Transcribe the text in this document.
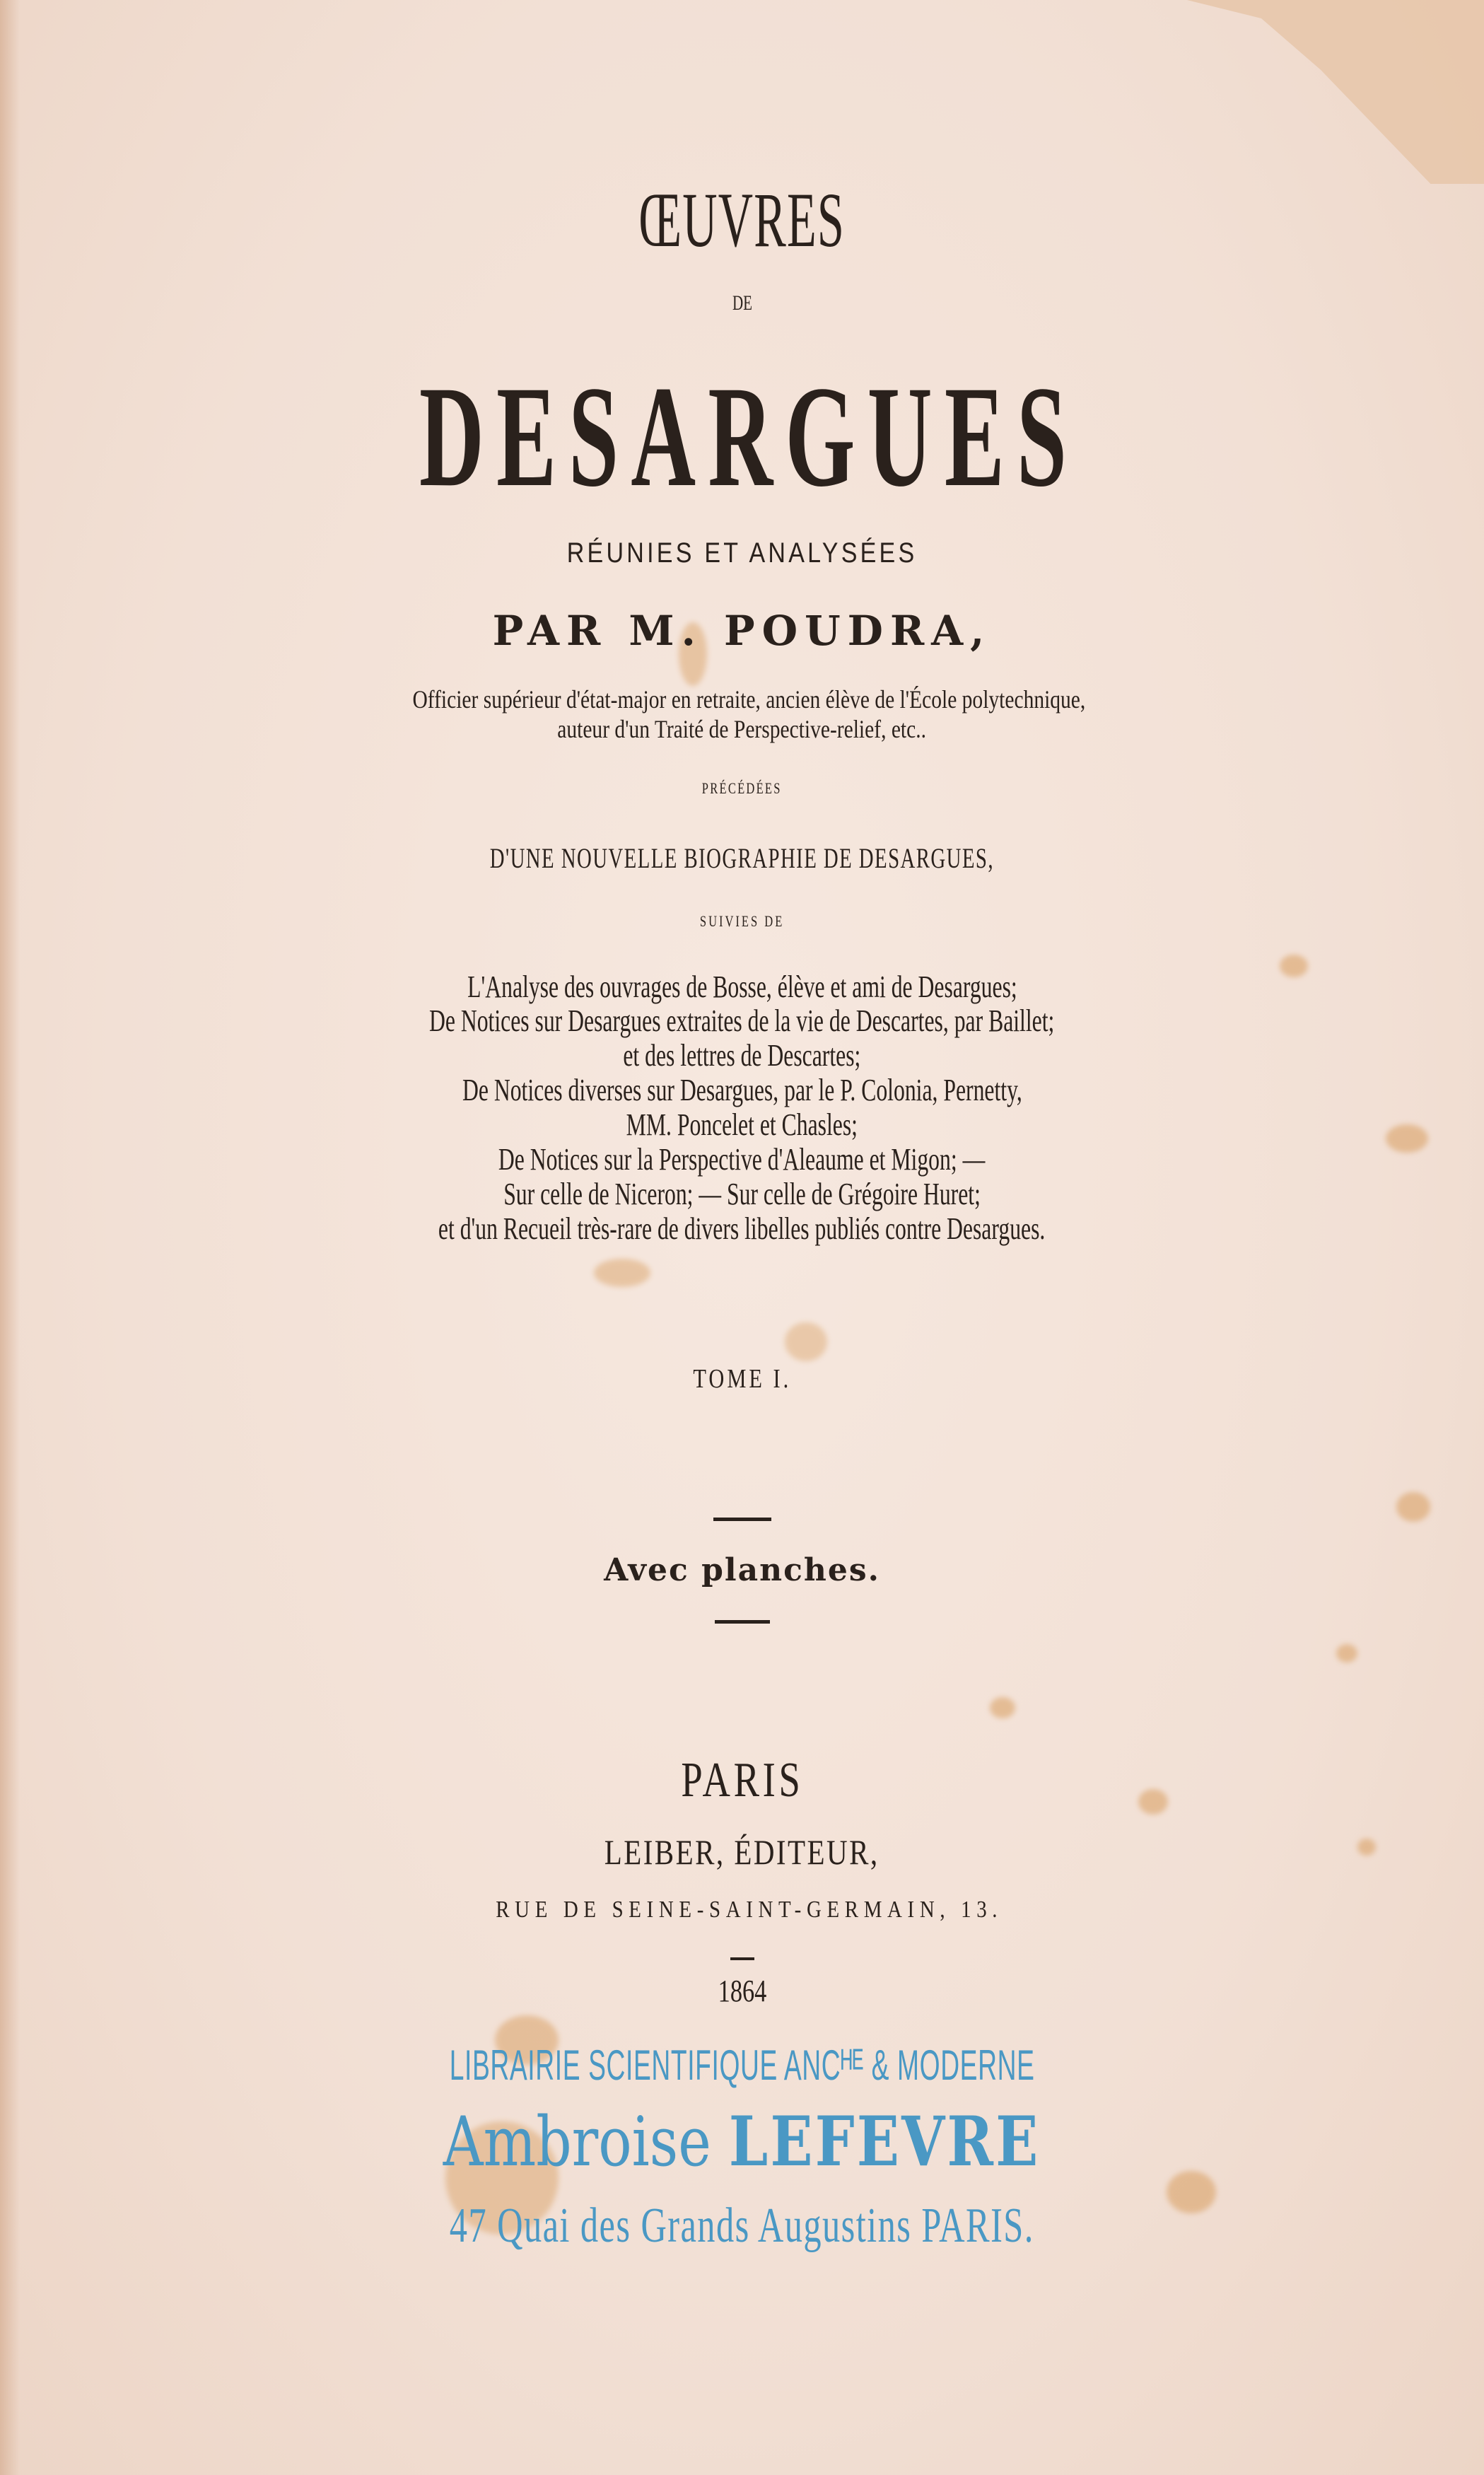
ŒUVRES
DE
DESARGUES
RÉUNIES ET ANALYSÉES
PAR M. POUDRA,
Officier supérieur d'état-major en retraite, ancien élève de l'École polytechnique,
auteur d'un Traité de Perspective-relief, etc..
PRÉCÉDÉES
D'UNE NOUVELLE BIOGRAPHIE DE DESARGUES,
SUIVIES DE
L'Analyse des ouvrages de Bosse, élève et ami de Desargues;
De Notices sur Desargues extraites de la vie de Descartes, par Baillet;
et des lettres de Descartes;
De Notices diverses sur Desargues, par le P. Colonia, Pernetty,
MM. Poncelet et Chasles;
De Notices sur la Perspective d'Aleaume et Migon; —
Sur celle de Niceron; — Sur celle de Grégoire Huret;
et d'un Recueil très-rare de divers libelles publiés contre Desargues.
TOME I.
Avec planches.
PARIS
LEIBER, ÉDITEUR,
RUE DE SEINE-SAINT-GERMAIN, 13.
1864
LIBRAIRIE SCIENTIFIQUE ANCᴴᴱ & MODERNE
Ambroise LEFEVRE
47 Quai des Grands Augustins PARIS.
